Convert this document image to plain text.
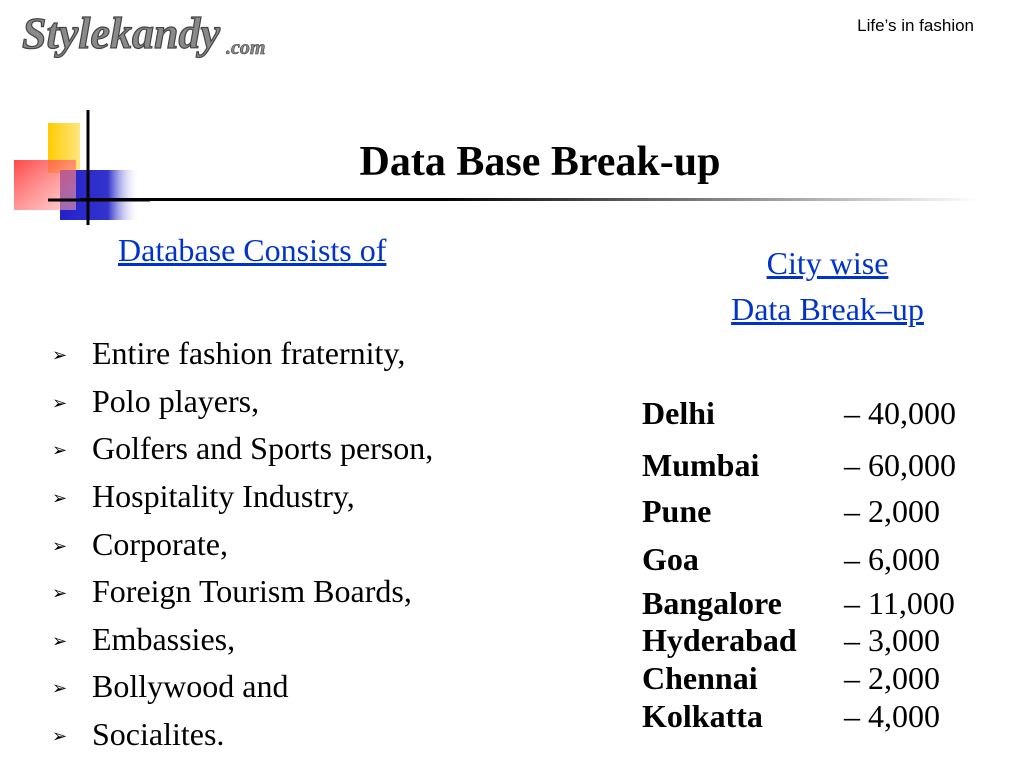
Stylekandy .com
Life’s in fashion
Data Base Break-up
Database Consists of
➢ Entire fashion fraternity,
➢ Polo players,
➢ Golfers and Sports person,
➢ Hospitality Industry,
➢ Corporate,
➢ Foreign Tourism Boards,
➢ Embassies,
➢ Bollywood and
➢ Socialites.
City wise
Data Break–up
Delhi	– 40,000
Mumbai	– 60,000
Pune	– 2,000
Goa	– 6,000
Bangalore	– 11,000
Hyderabad	– 3,000
Chennai	– 2,000
Kolkatta	– 4,000
